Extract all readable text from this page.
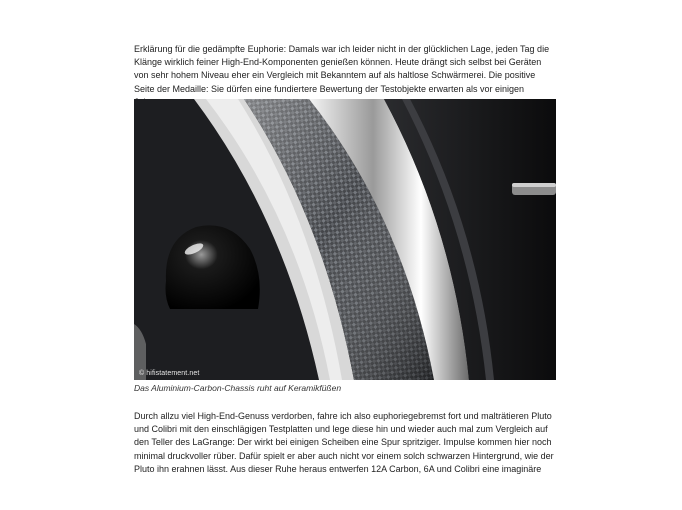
Erklärung für die gedämpfte Euphorie: Damals war ich leider nicht in der glücklichen Lage, jeden Tag die Klänge wirklich feiner High-End-Komponenten genießen können. Heute drängt sich selbst bei Geräten von sehr hohem Niveau eher ein Vergleich mit Bekanntem auf als haltlose Schwärmerei. Die positive Seite der Medaille: Sie dürfen eine fundiertere Bewertung der Testobjekte erwarten als vor einigen

© hifistatement.net

Das Aluminium-Carbon-Chassis ruht auf Keramikfüßen

Durch allzu viel High-End-Genuss verdorben, fahre ich also euphoriegebremst fort und malträtieren Pluto und Colibri mit den einschlägigen Testplatten und lege diese hin und wieder auch mal zum Vergleich auf den Teller des LaGrange: Der wirkt bei einigen Scheiben eine Spur spritziger. Impulse kommen hier noch minimal druckvoller rüber. Dafür spielt er aber auch nicht vor einem solch schwarzen Hintergrund, wie der Pluto ihn erahnen lässt. Aus dieser Ruhe heraus entwerfen 12A Carbon, 6A und Colibri eine imaginäre
